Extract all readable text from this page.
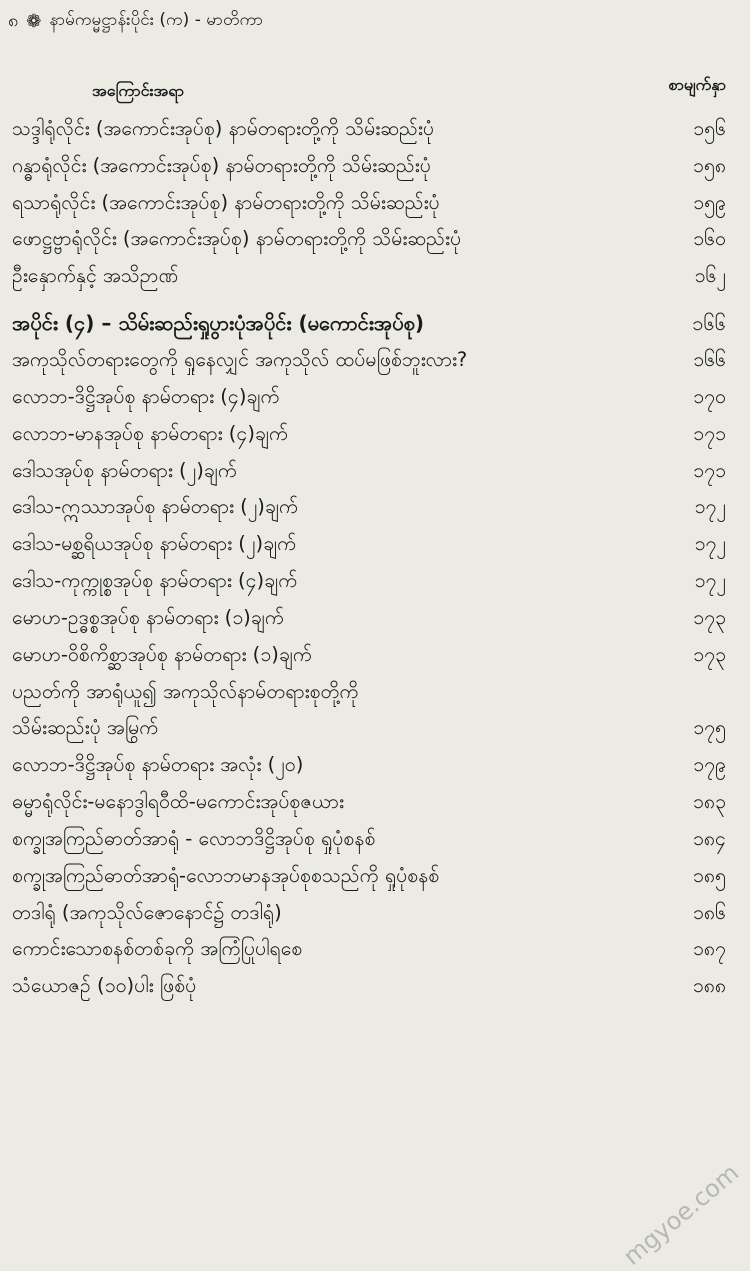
၈ ❁ နာမ်ကမ္မဋ္ဌာန်းပိုင်း (က) - မာတိကာ
အကြောင်းအရာ	စာမျက်နှာ
သဒ္ဒါရုံလိုင်း (အကောင်းအုပ်စု) နာမ်တရားတို့ကို သိမ်းဆည်းပုံ	၁၅၆
ဂန္ဓာရုံလိုင်း (အကောင်းအုပ်စု) နာမ်တရားတို့ကို သိမ်းဆည်းပုံ	၁၅၈
ရသာရုံလိုင်း (အကောင်းအုပ်စု) နာမ်တရားတို့ကို သိမ်းဆည်းပုံ	၁၅၉
ဖောဋ္ဌဗ္ဗာရုံလိုင်း (အကောင်းအုပ်စု) နာမ်တရားတို့ကို သိမ်းဆည်းပုံ	၁၆၀
ဦးနှောက်နှင့် အသိဉာဏ်	၁၆၂
အပိုင်း (၄) – သိမ်းဆည်းရှုပွားပုံအပိုင်း (မကောင်းအုပ်စု)	၁၆၆
အကုသိုလ်တရားတွေကို ရှုနေလျှင် အကုသိုလ် ထပ်မဖြစ်ဘူးလား?	၁၆၆
လောဘ-ဒိဋ္ဌိအုပ်စု နာမ်တရား (၄)ချက်	၁၇၀
လောဘ-မာနအုပ်စု နာမ်တရား (၄)ချက်	၁၇၁
ဒေါသအုပ်စု နာမ်တရား (၂)ချက်	၁၇၁
ဒေါသ-ဣဿာအုပ်စု နာမ်တရား (၂)ချက်	၁၇၂
ဒေါသ-မစ္ဆရိယအုပ်စု နာမ်တရား (၂)ချက်	၁၇၂
ဒေါသ-ကုက္ကုစ္စအုပ်စု နာမ်တရား (၄)ချက်	၁၇၂
မောဟ-ဥဒ္ဓစ္စအုပ်စု နာမ်တရား (၁)ချက်	၁၇၃
မောဟ-ဝိစိကိစ္ဆာအုပ်စု နာမ်တရား (၁)ချက်	၁၇၃
ပညတ်ကို အာရုံယူ၍ အကုသိုလ်နာမ်တရားစုတို့ကို
သိမ်းဆည်းပုံ အမြွက်	၁၇၅
လောဘ-ဒိဋ္ဌိအုပ်စု နာမ်တရား အလုံး (၂၀)	၁၇၉
ဓမ္မာရုံလိုင်း-မနောဒွါရဝီထိ-မကောင်းအုပ်စုဇယား	၁၈၃
စက္ခုအကြည်ဓာတ်အာရုံ - လောဘဒိဋ္ဌိအုပ်စု ရှုပုံစနစ်	၁၈၄
စက္ခုအကြည်ဓာတ်အာရုံ-လောဘမာနအုပ်စုစသည်ကို ရှုပုံစနစ်	၁၈၅
တဒါရုံ (အကုသိုလ်ဇောနောင်၌ တဒါရုံ)	၁၈၆
ကောင်းသောစနစ်တစ်ခုကို အကြံပြုပါရစေ	၁၈၇
သံယောဇဉ် (၁၀)ပါး ဖြစ်ပုံ	၁၈၈
mgyoe.com
